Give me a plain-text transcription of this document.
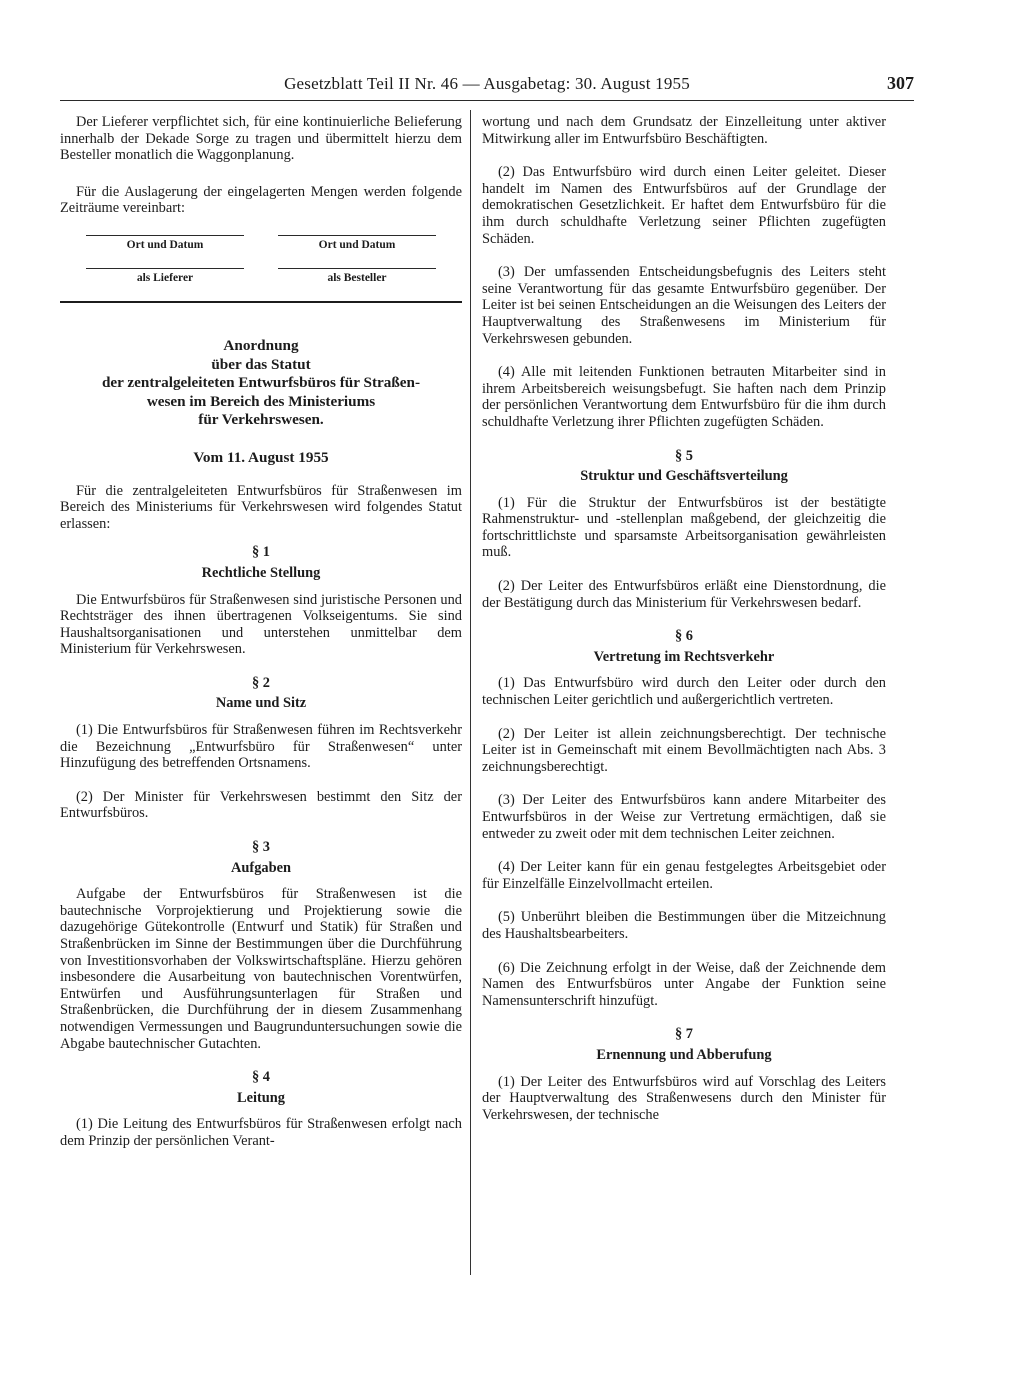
Gesetzblatt Teil II Nr. 46 — Ausgabetag: 30. August 1955	307

Der Lieferer verpflichtet sich, für eine kontinuierliche Belieferung innerhalb der Dekade Sorge zu tragen und übermittelt hierzu dem Besteller monatlich die Waggonplanung.

Für die Auslagerung der eingelagerten Mengen werden folgende Zeiträume vereinbart:

Ort und Datum	Ort und Datum
als Lieferer	als Besteller
Anordnung
über das Statut
der zentralgeleiteten Entwurfsbüros für Straßen-
wesen im Bereich des Ministeriums
für Verkehrswesen.
Vom 11. August 1955

Für die zentralgeleiteten Entwurfsbüros für Straßenwesen im Bereich des Ministeriums für Verkehrswesen wird folgendes Statut erlassen:

§ 1
Rechtliche Stellung

Die Entwurfsbüros für Straßenwesen sind juristische Personen und Rechtsträger des ihnen übertragenen Volkseigentums. Sie sind Haushaltsorganisationen und unterstehen unmittelbar dem Ministerium für Verkehrswesen.

§ 2
Name und Sitz

(1) Die Entwurfsbüros für Straßenwesen führen im Rechtsverkehr die Bezeichnung „Entwurfsbüro für Straßenwesen“ unter Hinzufügung des betreffenden Ortsnamens.

(2) Der Minister für Verkehrswesen bestimmt den Sitz der Entwurfsbüros.

§ 3
Aufgaben

Aufgabe der Entwurfsbüros für Straßenwesen ist die bautechnische Vorprojektierung und Projektierung sowie die dazugehörige Gütekontrolle (Entwurf und Statik) für Straßen und Straßenbrücken im Sinne der Bestimmungen über die Durchführung von Investitionsvorhaben der Volkswirtschaftspläne. Hierzu gehören insbesondere die Ausarbeitung von bautechnischen Vorentwürfen, Entwürfen und Ausführungsunterlagen für Straßen und Straßenbrücken, die Durchführung der in diesem Zusammenhang notwendigen Vermessungen und Baugrunduntersuchungen sowie die Abgabe bautechnischer Gutachten.

§ 4
Leitung

(1) Die Leitung des Entwurfsbüros für Straßenwesen erfolgt nach dem Prinzip der persönlichen Verant-

wortung und nach dem Grundsatz der Einzelleitung unter aktiver Mitwirkung aller im Entwurfsbüro Beschäftigten.

(2) Das Entwurfsbüro wird durch einen Leiter geleitet. Dieser handelt im Namen des Entwurfsbüros auf der Grundlage der demokratischen Gesetzlichkeit. Er haftet dem Entwurfsbüro für die ihm durch schuldhafte Verletzung seiner Pflichten zugefügten Schäden.

(3) Der umfassenden Entscheidungsbefugnis des Leiters steht seine Verantwortung für das gesamte Entwurfsbüro gegenüber. Der Leiter ist bei seinen Entscheidungen an die Weisungen des Leiters der Hauptverwaltung des Straßenwesens im Ministerium für Verkehrswesen gebunden.

(4) Alle mit leitenden Funktionen betrauten Mitarbeiter sind in ihrem Arbeitsbereich weisungsbefugt. Sie haften nach dem Prinzip der persönlichen Verantwortung dem Entwurfsbüro für die ihm durch schuldhafte Verletzung ihrer Pflichten zugefügten Schäden.

§ 5
Struktur und Geschäftsverteilung

(1) Für die Struktur der Entwurfsbüros ist der bestätigte Rahmenstruktur- und -stellenplan maßgebend, der gleichzeitig die fortschrittlichste und sparsamste Arbeitsorganisation gewährleisten muß.

(2) Der Leiter des Entwurfsbüros erläßt eine Dienstordnung, die der Bestätigung durch das Ministerium für Verkehrswesen bedarf.

§ 6
Vertretung im Rechtsverkehr

(1) Das Entwurfsbüro wird durch den Leiter oder durch den technischen Leiter gerichtlich und außergerichtlich vertreten.

(2) Der Leiter ist allein zeichnungsberechtigt. Der technische Leiter ist in Gemeinschaft mit einem Bevollmächtigten nach Abs. 3 zeichnungsberechtigt.

(3) Der Leiter des Entwurfsbüros kann andere Mitarbeiter des Entwurfsbüros in der Weise zur Vertretung ermächtigen, daß sie entweder zu zweit oder mit dem technischen Leiter zeichnen.

(4) Der Leiter kann für ein genau festgelegtes Arbeitsgebiet oder für Einzelfälle Einzelvollmacht erteilen.

(5) Unberührt bleiben die Bestimmungen über die Mitzeichnung des Haushaltsbearbeiters.

(6) Die Zeichnung erfolgt in der Weise, daß der Zeichnende dem Namen des Entwurfsbüros unter Angabe der Funktion seine Namensunterschrift hinzufügt.

§ 7
Ernennung und Abberufung

(1) Der Leiter des Entwurfsbüros wird auf Vorschlag des Leiters der Hauptverwaltung des Straßenwesens durch den Minister für Verkehrswesen, der technische
